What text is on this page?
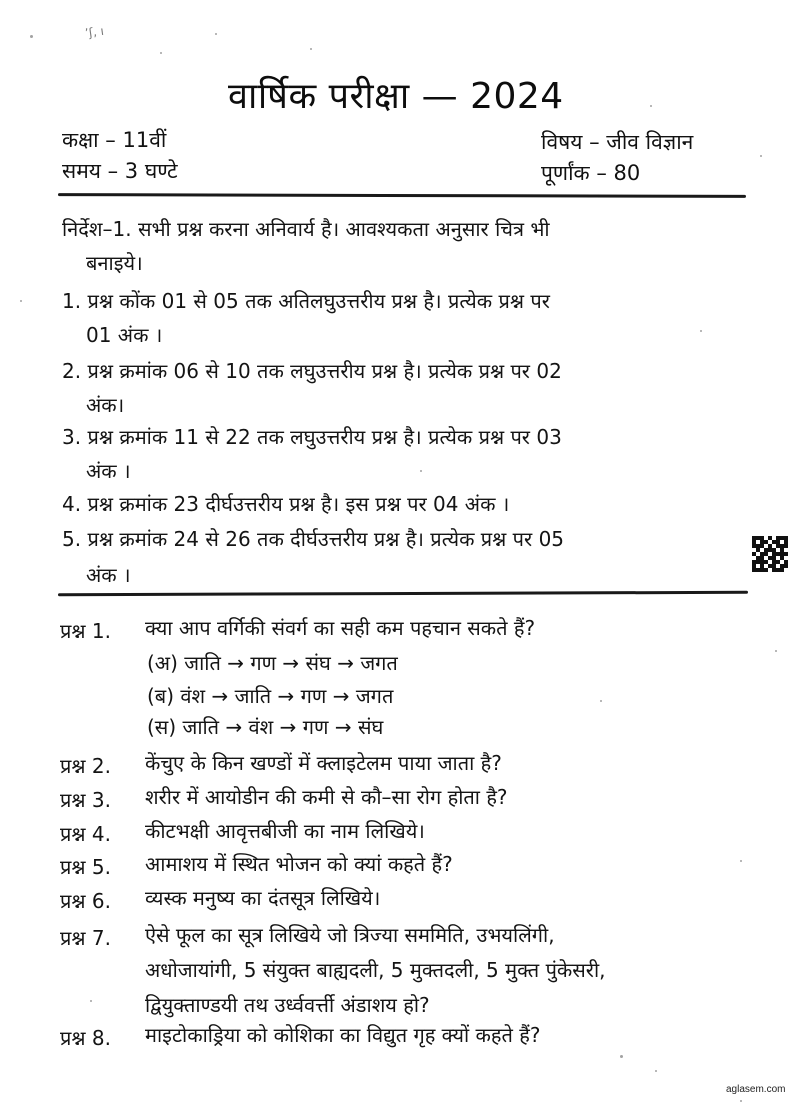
ʼʃ‚ ı
वार्षिक परीक्षा — 2024
कक्षा – 11वीं
समय – 3 घण्टे
विषय – जीव विज्ञान
पूर्णांक – 80
निर्देश–1. सभी प्रश्न करना अनिवार्य है। आवश्यकता अनुसार चित्र भी
बनाइये।
1. प्रश्न कोंक 01 से 05 तक अतिलघुउत्तरीय प्रश्न है। प्रत्येक प्रश्न पर
01 अंक ।
2. प्रश्न क्रमांक 06 से 10 तक लघुउत्तरीय प्रश्न है। प्रत्येक प्रश्न पर 02
अंक।
3. प्रश्न क्रमांक 11 से 22 तक लघुउत्तरीय प्रश्न है। प्रत्येक प्रश्न पर 03
अंक ।
4. प्रश्न क्रमांक 23 दीर्घउत्तरीय प्रश्न है। इस प्रश्न पर 04 अंक ।
5. प्रश्न क्रमांक 24 से 26 तक दीर्घउत्तरीय प्रश्न है। प्रत्येक प्रश्न पर 05
अंक ।
प्रश्न 1. क्या आप वर्गिकी संवर्ग का सही कम पहचान सकते हैं?
(अ) जाति → गण → संघ → जगत
(ब) वंश → जाति → गण → जगत
(स) जाति → वंश → गण → संघ
प्रश्न 2. केंचुए के किन खण्डों में क्लाइटेलम पाया जाता है?
प्रश्न 3. शरीर में आयोडीन की कमी से कौ–सा रोग होता है?
प्रश्न 4. कीटभक्षी आवृत्तबीजी का नाम लिखिये।
प्रश्न 5. आमाशय में स्थित भोजन को क्यां कहते हैं?
प्रश्न 6. व्यस्क मनुष्य का दंतसूत्र लिखिये।
प्रश्न 7. ऐसे फूल का सूत्र लिखिये जो त्रिज्या सममिति, उभयलिंगी,
अधोजायांगी, 5 संयुक्त बाह्यदली, 5 मुक्तदली, 5 मुक्त पुंकेसरी,
द्वियुक्ताण्डयी तथ उर्ध्ववर्त्ती अंडाशय हो?
प्रश्न 8. माइटोकाड्रिया को कोशिका का विद्युत गृह क्यों कहते हैं?
aglasem.com
